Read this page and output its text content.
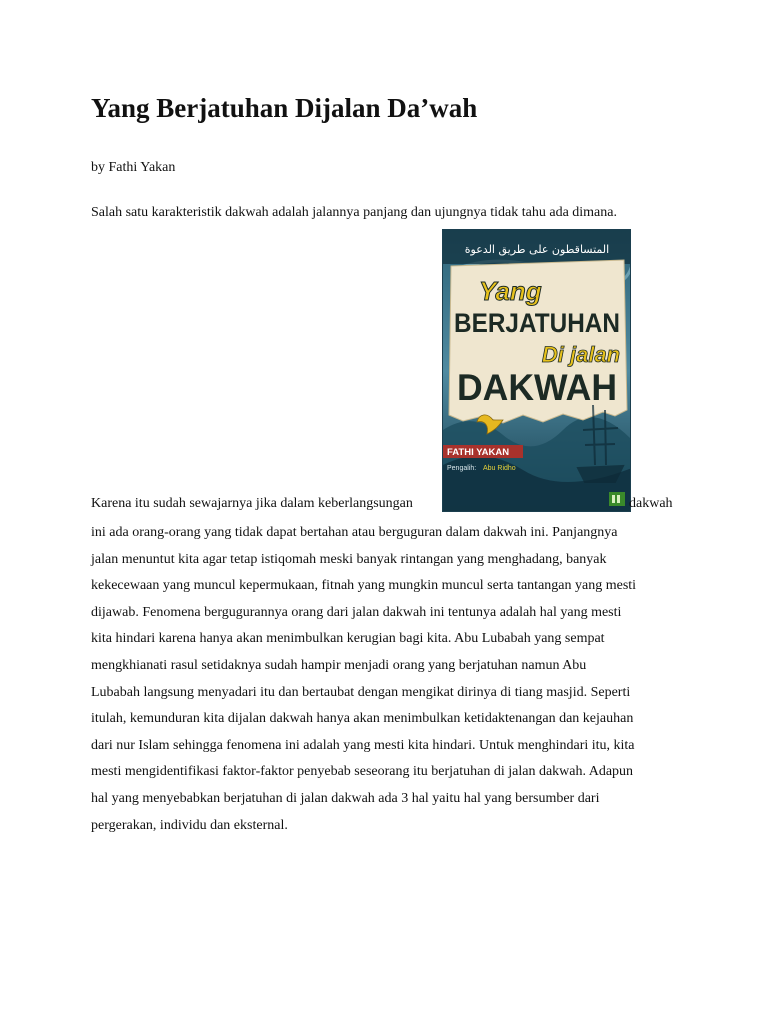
Yang Berjatuhan Dijalan Da’wah

by Fathi Yakan

Salah satu karakteristik dakwah adalah jalannya panjang dan ujungnya tidak tahu ada dimana.

المتساقطون على طريق الدعوة
Yang
BERJATUHAN
Di jalan
DAKWAH
FATHI YAKAN
Pengalih: Abu Ridho

Karena itu sudah sewajarnya jika dalam keberlangsungan	dakwah

ini ada orang-orang yang tidak dapat bertahan atau berguguran dalam dakwah ini. Panjangnya
jalan menuntut kita agar tetap istiqomah meski banyak rintangan yang menghadang, banyak
kekecewaan yang muncul kepermukaan, fitnah yang mungkin muncul serta tantangan yang mesti
dijawab. Fenomena bergugurannya orang dari jalan dakwah ini tentunya adalah hal yang mesti
kita hindari karena hanya akan menimbulkan kerugian bagi kita. Abu Lubabah yang sempat
mengkhianati rasul setidaknya sudah hampir menjadi orang yang berjatuhan namun Abu
Lubabah langsung menyadari itu dan bertaubat dengan mengikat dirinya di tiang masjid. Seperti
itulah, kemunduran kita dijalan dakwah hanya akan menimbulkan ketidaktenangan dan kejauhan
dari nur Islam sehingga fenomena ini adalah yang mesti kita hindari. Untuk menghindari itu, kita
mesti mengidentifikasi faktor-faktor penyebab seseorang itu berjatuhan di jalan dakwah. Adapun
hal yang menyebabkan berjatuhan di jalan dakwah ada 3 hal yaitu hal yang bersumber dari
pergerakan, individu dan eksternal.
